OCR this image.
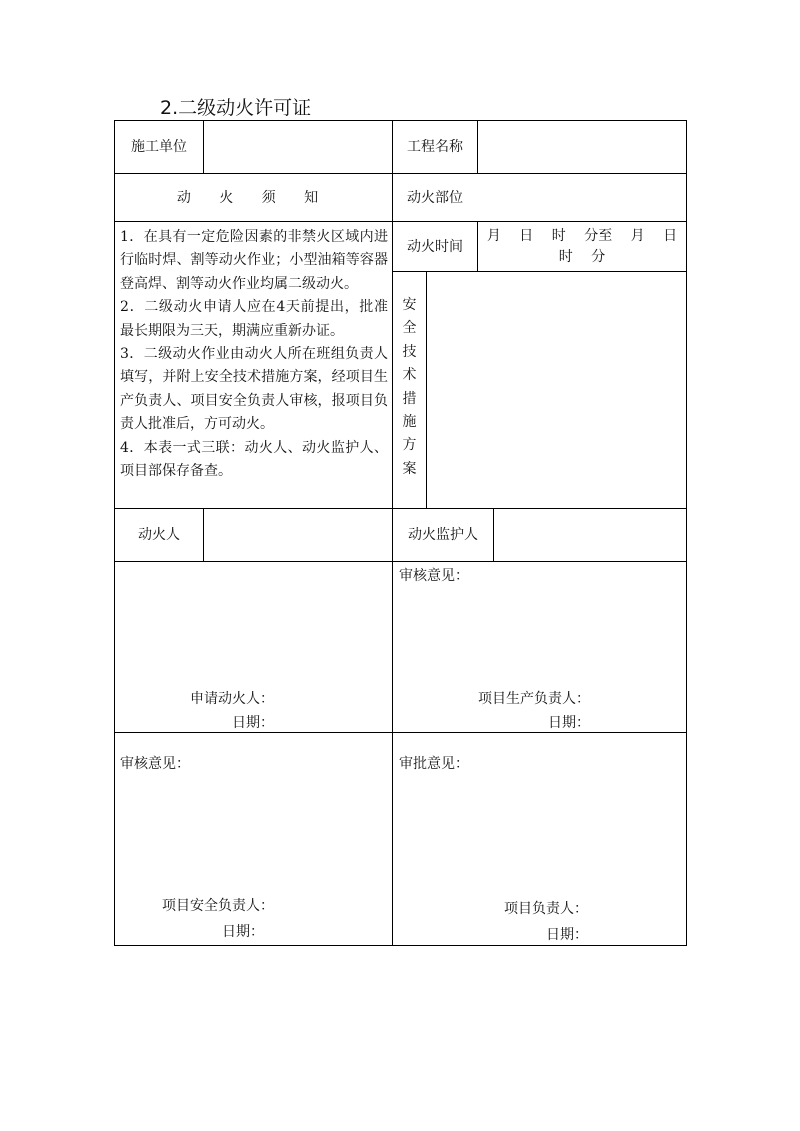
2.二级动火许可证
施工单位	工程名称
动 火 须 知	动火部位

1．在具有一定危险因素的非禁火区域内进行临时焊、割等动火作业；小型油箱等容器登高焊、割等动火作业均属二级动火。

2．二级动火申请人应在4天前提出，批准最长期限为三天，期满应重新办证。

3．二级动火作业由动火人所在班组负责人填写，并附上安全技术措施方案，经项目生产负责人、项目安全负责人审核，报项目负责人批准后，方可动火。

4．本表一式三联：动火人、动火监护人、项目部保存备查。

动火时间
月 日 时 分至 月 日 时 分
安
全
技
术
措
施
方
案
动火人	动火监护人
申请动火人：
日期：
审核意见：
项目生产负责人：
日期：
审核意见：
项目安全负责人：
日期：
审批意见：
项目负责人：
日期：
